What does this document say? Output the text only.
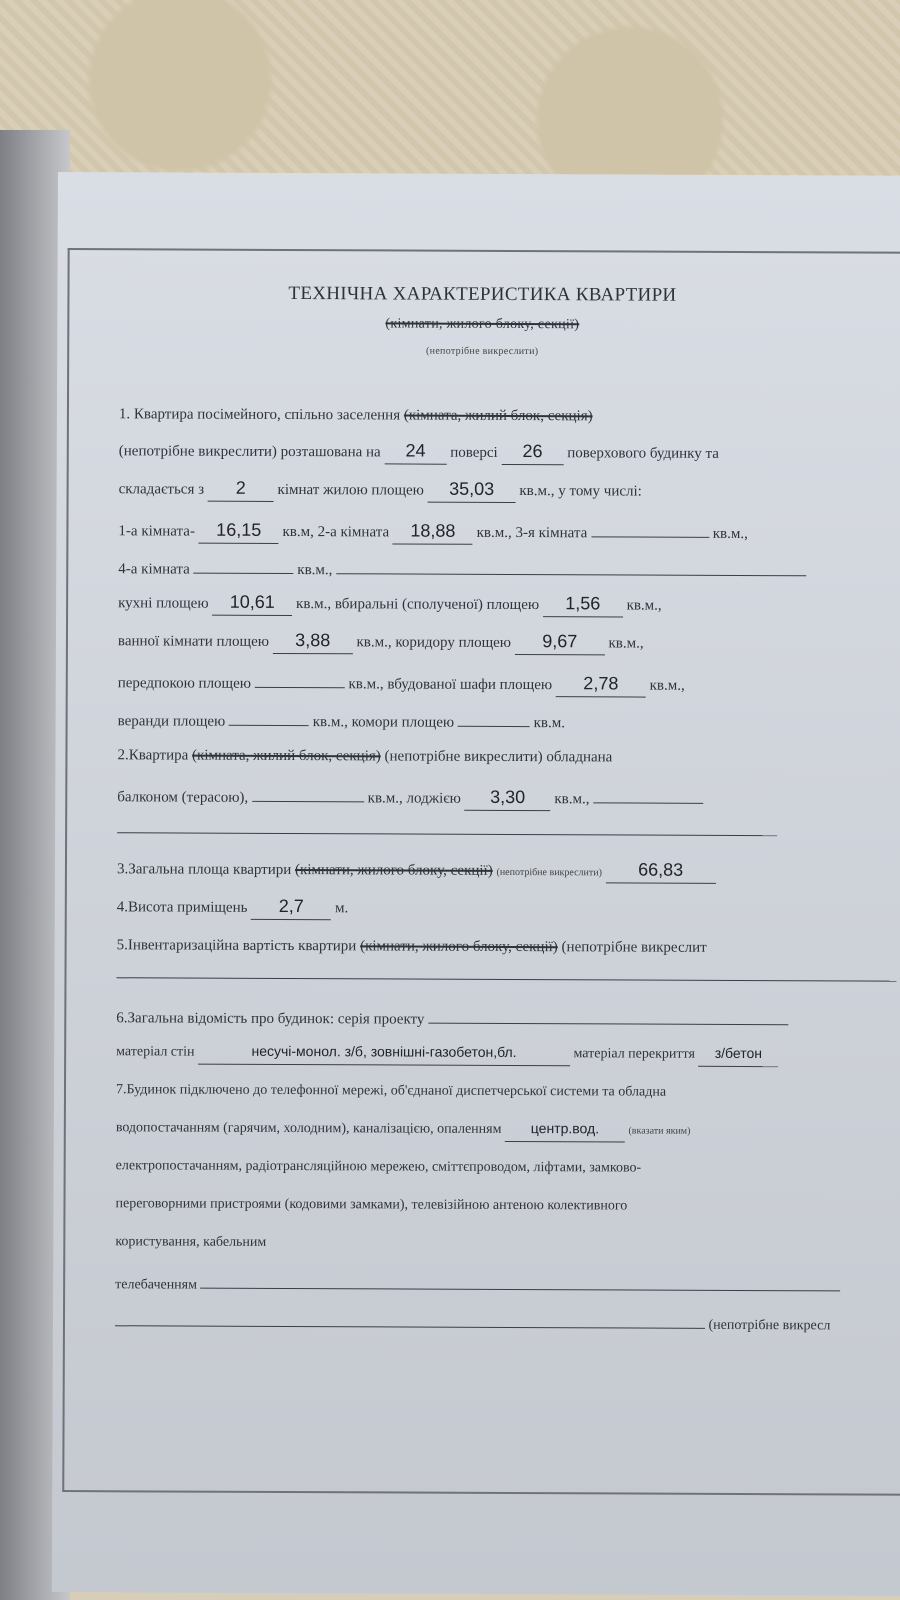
ТЕХНІЧНА ХАРАКТЕРИСТИКА КВАРТИРИ
(кімнати, жилого блоку, секції)
(непотрібне викреслити)
1. Квартира посімейного, спільно заселення (кімната, жилий блок, секція)
(непотрібне викреслити) розташована на 24 поверсі 26 поверхового будинку та
складається з 2 кімнат жилою площею 35,03 кв.м., у тому числі:
1-а кімната- 16,15 кв.м, 2-а кімната 18,88 кв.м., 3-я кімната	кв.м.,
4-а кімната	кв.м.,
кухні площею 10,61 кв.м., вбиральні (сполученої) площею 1,56 кв.м.,
ванної кімнати площею 3,88 кв.м., коридору площею 9,67 кв.м.,
передпокою площею	кв.м., вбудованої шафи площею 2,78 кв.м.,
веранди площею	кв.м., комори площею	кв.м.
2.Квартира (кімната, жилий блок, секція) (непотрібне викреслити) обладнана
балконом (терасою),	кв.м., лоджією 3,30 кв.м.,
3.Загальна площа квартири (кімнати, жилого блоку, секції) (непотрібне викреслити) 66,83
4.Висота приміщень 2,7 м.
5.Інвентаризаційна вартість квартири (кімнати, жилого блоку, секції) (непотрібне викреслит
6.Загальна відомість про будинок: серія проекту
матеріал стін	несучі-монол. з/б, зовнішні-газобетон,бл.	матеріал перекриття з/бетон
7.Будинок підключено до телефонної мережі, об'єднаної диспетчерської системи та обладна
водопостачанням (гарячим, холодним), каналізацією, опаленням центр.вод.	(вказати яким)
електропостачанням, радіотрансляційною мережею, сміттєпроводом, ліфтами, замково-
переговорними пристроями (кодовими замками), телевізійною антеною колективного
користування, кабельним
телебаченням
(непотрібне викресл
